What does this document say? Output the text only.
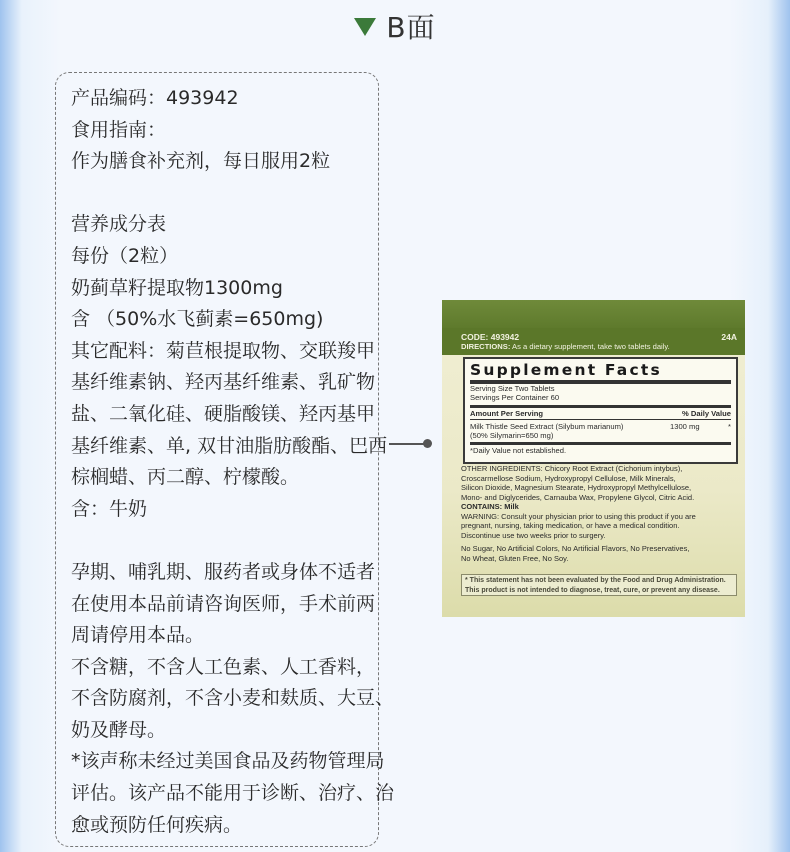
B面
产品编码：493942
食用指南：
作为膳食补充剂，每日服用2粒
营养成分表
每份（2粒）
奶蓟草籽提取物1300mg
含 （50%水飞蓟素=650mg)
其它配料：菊苣根提取物、交联羧甲
基纤维素钠、羟丙基纤维素、乳矿物
盐、二氧化硅、硬脂酸镁、羟丙基甲
基纤维素、单, 双甘油脂肪酸酯、巴西
棕榈蜡、丙二醇、柠檬酸。
含：牛奶
孕期、哺乳期、服药者或身体不适者
在使用本品前请咨询医师，手术前两
周请停用本品。
不含糖，不含人工色素、人工香料，
不含防腐剂，不含小麦和麸质、大豆、
奶及酵母。
*该声称未经过美国食品及药物管理局
评估。该产品不能用于诊断、治疗、治
愈或预防任何疾病。
CODE: 493942	24A
DIRECTIONS: As a dietary supplement, take two tablets daily.
Supplement Facts
Serving Size Two Tablets
Servings Per Container 60
Amount Per Serving	% Daily Value
Milk Thistle Seed Extract (Silybum marianum)	1300 mg	*
(50% Silymarin=650 mg)
*Daily Value not established.
OTHER INGREDIENTS: Chicory Root Extract (Cichorium intybus),
Croscarmellose Sodium, Hydroxypropyl Cellulose, Milk Minerals,
Silicon Dioxide, Magnesium Stearate, Hydroxypropyl Methylcellulose,
Mono- and Diglycerides, Carnauba Wax, Propylene Glycol, Citric Acid.
CONTAINS: Milk
WARNING: Consult your physician prior to using this product if you are
pregnant, nursing, taking medication, or have a medical condition.
Discontinue use two weeks prior to surgery.
No Sugar, No Artificial Colors, No Artificial Flavors, No Preservatives,
No Wheat, Gluten Free, No Soy.
* This statement has not been evaluated by the Food and Drug Administration.
This product is not intended to diagnose, treat, cure, or prevent any disease.
